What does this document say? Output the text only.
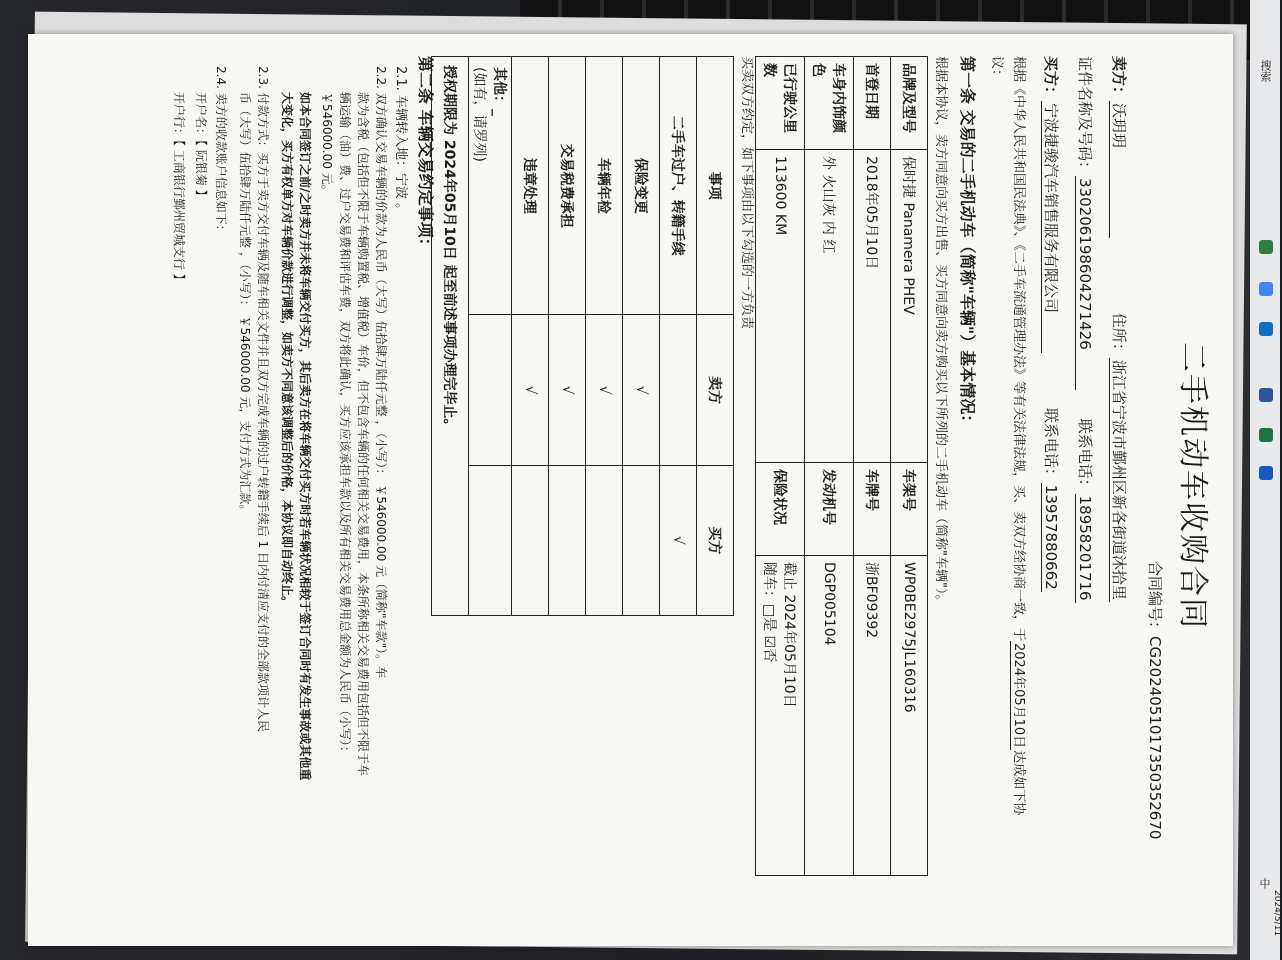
搜索
中
2024/5/11
二手机动车收购合同
合同编号：CG2024051017350352670
卖方：沃玥玥 住所：浙江省宁波市鄞州区新各街道沐拾里
证件名称及号码：330206198604271426 联系电话：18958201716
买方：宁波捷骏汽车销售服务有限公司 联系电话：13957880662
根据《中华人民共和国民法典》、《二手车流通管理办法》等有关法律法规，买、卖双方经协商一致，于2024年05月10日达成如下协
议：
第一条 交易的二手机动车（简称"车辆"）基本情况：
根据本协议，卖方同意向买方出售、买方同意向卖方购买以下所列的二手机动车（简称"车辆"）。
品牌及型号	保时捷 Panamera PHEV	车架号	WP0BE2975JL160316
首登日期	2018年05月10日	车牌号	浙BF09392
车身内饰颜色	外 火山灰 内 红	发动机号	DGP005104
已行驶公里数	113600 KM	保险状况	截止 2024年05月10日
随车：□是 ☑否
买卖双方约定，如下事项由以下勾选的一方负责
事项	卖方	买方
二手车过户、转籍手续		√
保险变更	√	
车辆年检	√	
交易税费承担	√	
违章处理	√	
其他：_
(如有，请罗列)		

授权期限为 2024年05月10日 起至前述事项办理完毕止。		
第二条 车辆交易约定事项：
2.1. 车辆转入地：宁波 。
2.2. 双方确认交易车辆的价款为人民币（大写）伍拾肆万陆仟元整 ，（小写）： ￥546000.00 元（简称"车款"）。车
款为含税（包括但不限于车辆购置税、增值税）车价，但不包含车辆的任何相关交易费用，本条所称相关交易费用包括但不限于车
辆运输（油）费、过户交易费和评估车费，双方将此确认，买方应该承担车款以及所有相关交易费用总金额为人民币（小写）：
￥546000.00 元。
如本合同签订之前/之时卖方并未将车辆交付买方，其后卖方在将车辆交付买方时若车辆状况相较于签订合同时有发生事故或其他重
大变化，买方有权单方对车辆价款进行调整，如卖方不同意该调整后的价格，本协议即自动终止。
2.3. 付款方式：买方于卖方交付车辆及随车相关文件并且双方完成车辆的过户转籍手续后 1 日内付清应支付的全部款项计人民
币（大写）伍拾肆万陆仟元整 ，（小写）： ￥546000.00 元，支付方式为汇款。
2.4. 卖方的收款账户信息如下：
开户名：【 阮银菊 】
开户行：【 工商银行鄞州贸城支行 】
